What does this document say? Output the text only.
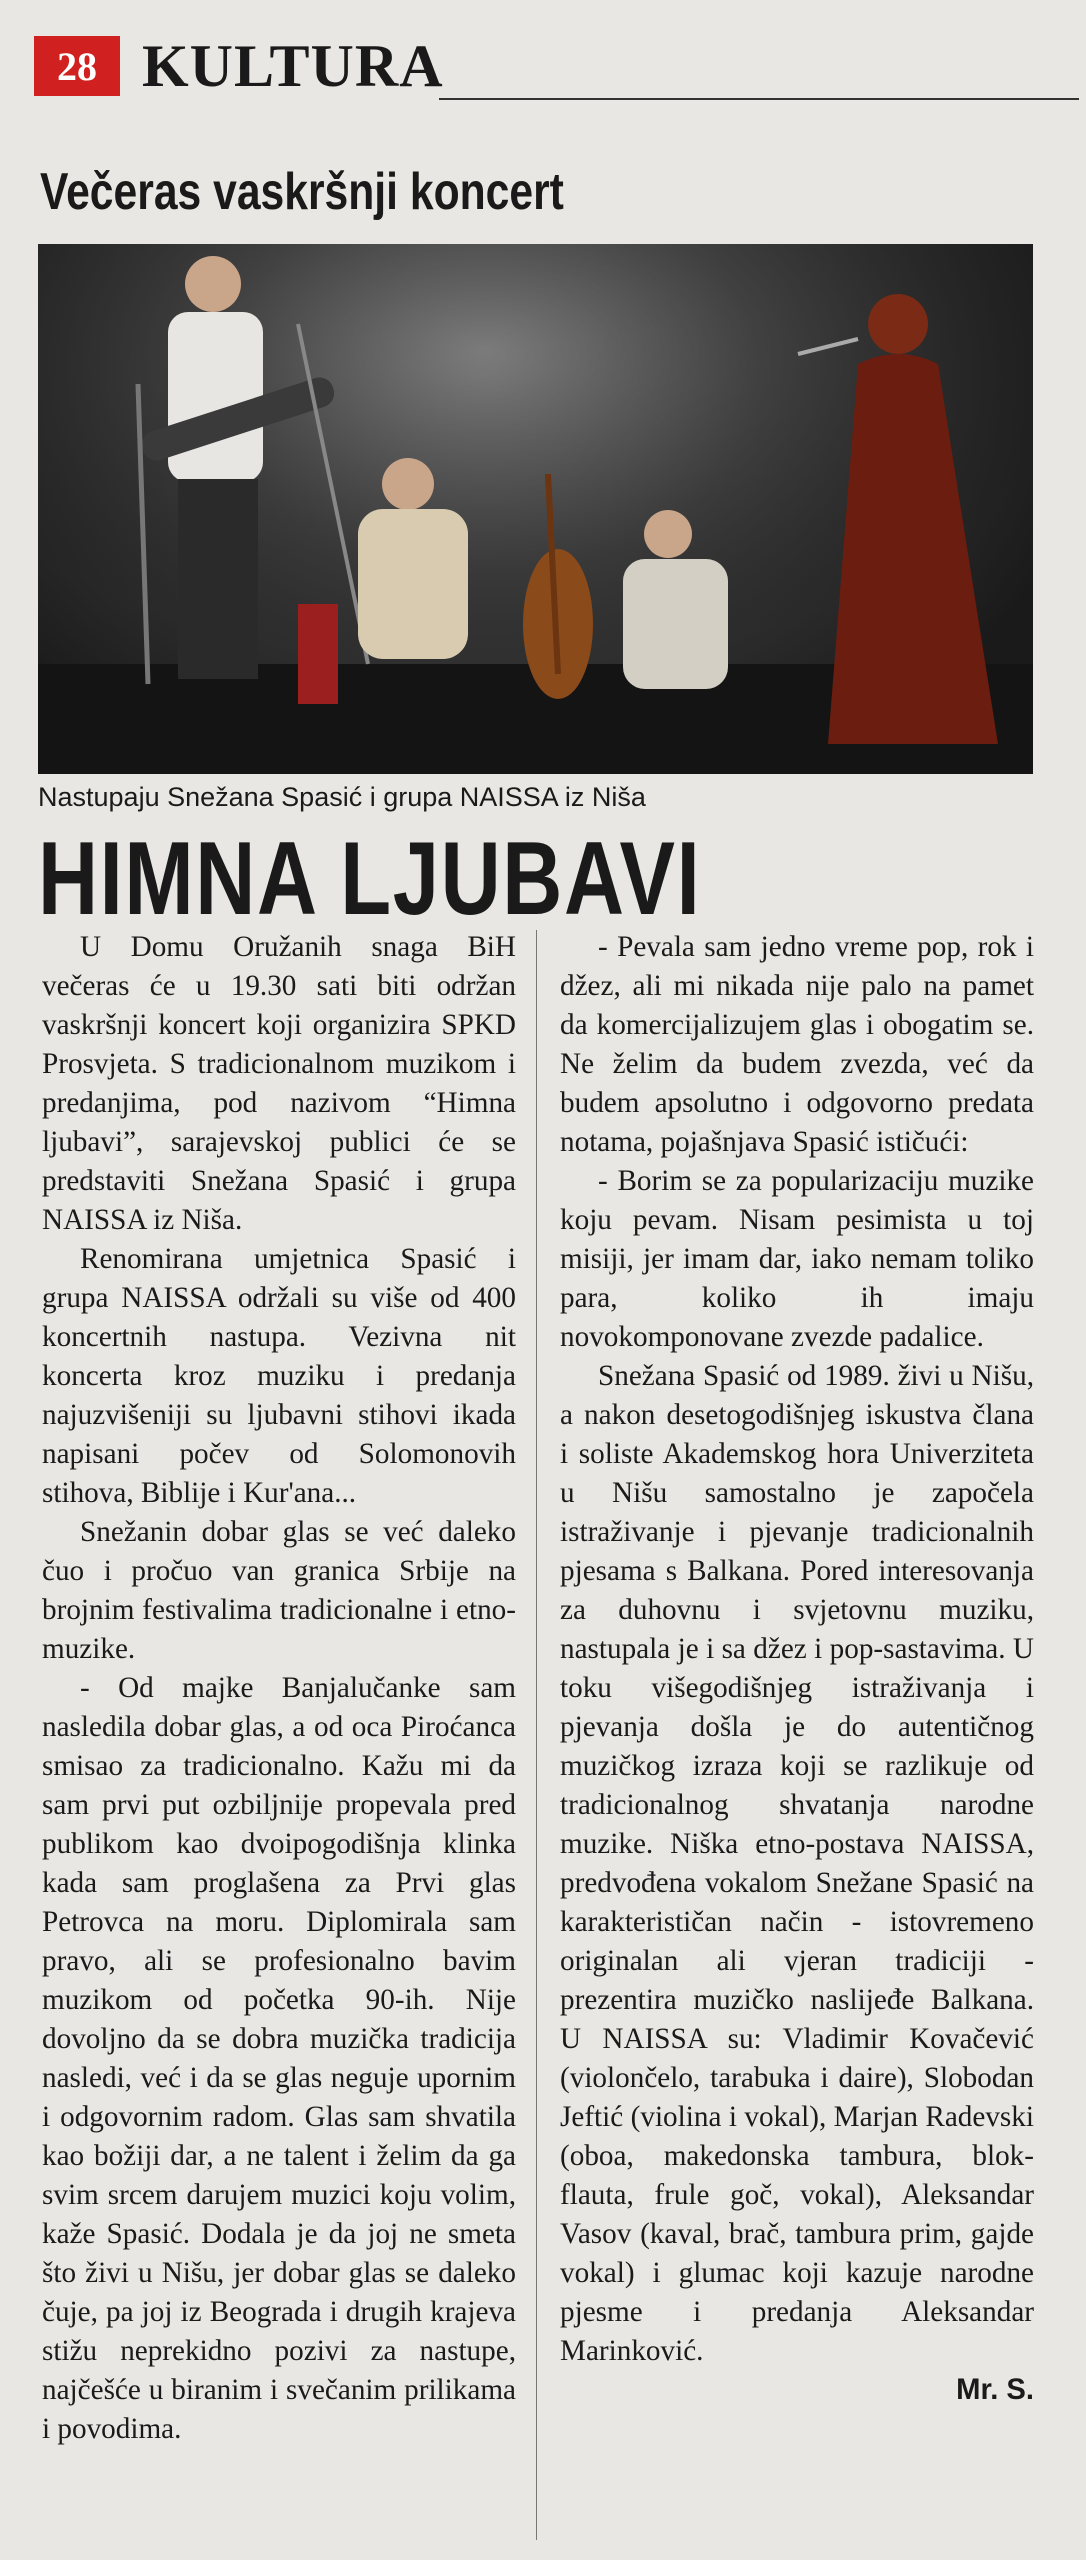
28 KULTURA
Večeras vaskršnji koncert
Nastupaju Snežana Spasić i grupa NAISSA iz Niša
HIMNA LJUBAVI

U Domu Oružanih snaga BiH večeras će u 19.30 sati biti održan vaskršnji koncert koji organizira SPKD Prosvjeta. S tradicionalnom muzikom i predanjima, pod nazivom “Himna ljubavi”, sarajevskoj publici će se predstaviti Snežana Spasić i grupa NAISSA iz Niša.

Renomirana umjetnica Spasić i grupa NAISSA održali su više od 400 koncertnih nastupa. Vezivna nit koncerta kroz muziku i predanja najuzvišeniji su ljubavni stihovi ikada napisani počev od Solomonovih stihova, Biblije i Kur'ana...

Snežanin dobar glas se već daleko čuo i pročuo van granica Srbije na brojnim festivalima tradicionalne i etno-muzike.

- Od majke Banjalučanke sam nasledila dobar glas, a od oca Piroćanca smisao za tradicionalno. Kažu mi da sam prvi put ozbiljnije propevala pred publikom kao dvoipogodišnja klinka kada sam proglašena za Prvi glas Petrovca na moru. Diplomirala sam pravo, ali se profesionalno bavim muzikom od početka 90-ih. Nije dovoljno da se dobra muzička tradicija nasledi, već i da se glas neguje upornim i odgovornim radom. Glas sam shvatila kao božiji dar, a ne talent i želim da ga svim srcem darujem muzici koju volim, kaže Spasić. Dodala je da joj ne smeta što živi u Nišu, jer dobar glas se daleko čuje, pa joj iz Beograda i drugih krajeva stižu neprekidno pozivi za nastupe, najčešće u biranim i svečanim prilikama i povodima.

- Pevala sam jedno vreme pop, rok i džez, ali mi nikada nije palo na pamet da komercijalizujem glas i obogatim se. Ne želim da budem zvezda, već da budem apsolutno i odgovorno predata notama, pojašnjava Spasić ističući:

- Borim se za popularizaciju muzike koju pevam. Nisam pesimista u toj misiji, jer imam dar, iako nemam toliko para, koliko ih imaju novokomponovane zvezde padalice.

Snežana Spasić od 1989. živi u Nišu, a nakon desetogodišnjeg iskustva člana i soliste Akademskog hora Univerziteta u Nišu samostalno je započela istraživanje i pjevanje tradicionalnih pjesama s Balkana. Pored interesovanja za duhovnu i svjetovnu muziku, nastupala je i sa džez i pop-sastavima. U toku višegodišnjeg istraživanja i pjevanja došla je do autentičnog muzičkog izraza koji se razlikuje od tradicionalnog shvatanja narodne muzike. Niška etno-postava NAISSA, predvođena vokalom Snežane Spasić na karakterističan način - istovremeno originalan ali vjeran tradiciji - prezentira muzičko naslijeđe Balkana. U NAISSA su: Vladimir Kovačević (violončelo, tarabuka i daire), Slobodan Jeftić (violina i vokal), Marjan Radevski (oboa, makedonska tambura, blok-flauta, frule goč, vokal), Aleksandar Vasov (kaval, brač, tambura prim, gajde vokal) i glumac koji kazuje narodne pjesme i predanja Aleksandar Marinković.

Mr. S.
